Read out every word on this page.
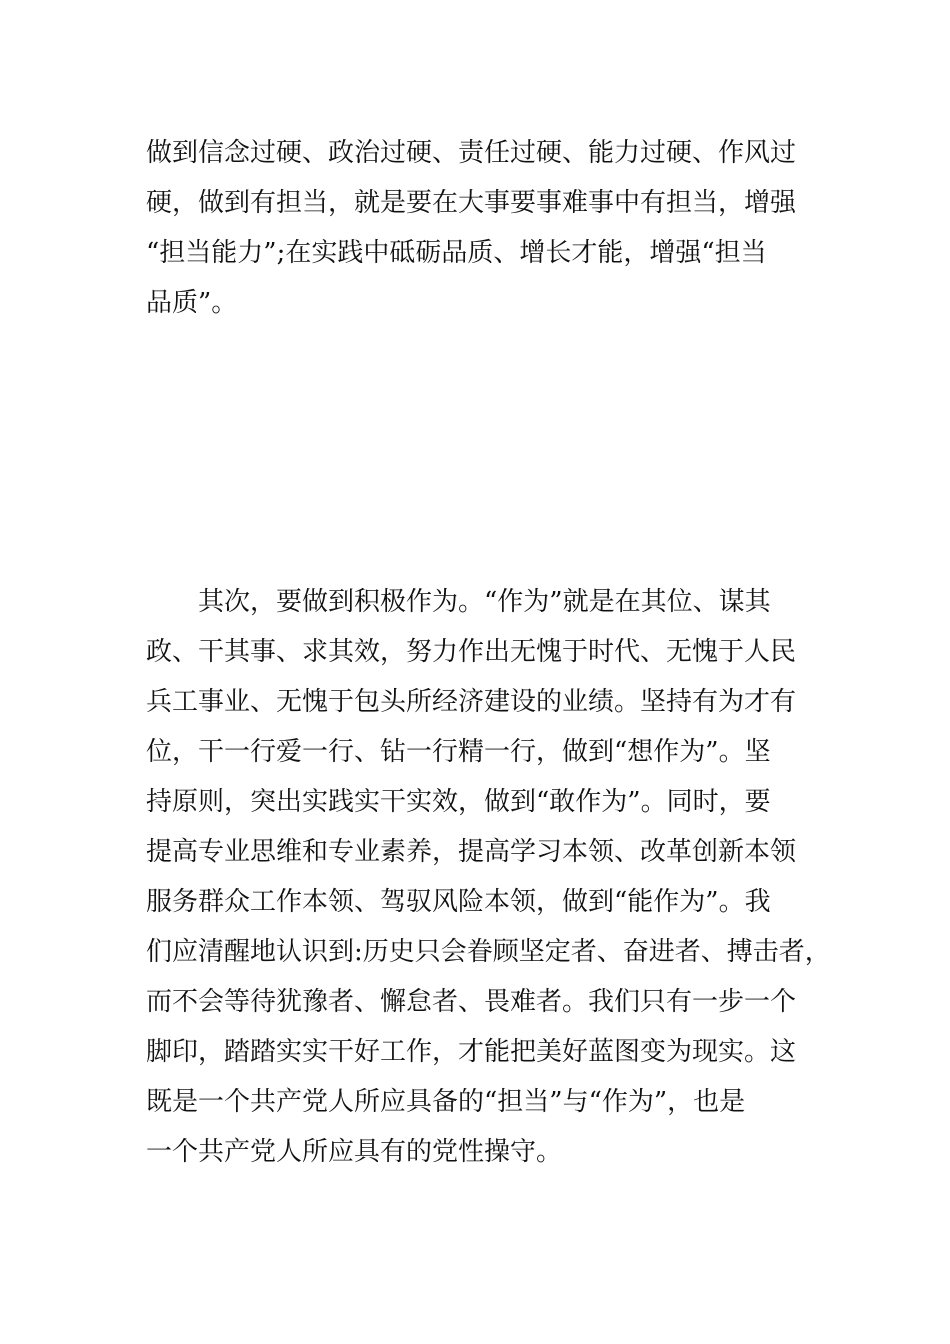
做到信念过硬、政治过硬、责任过硬、能力过硬、作风过
硬，做到有担当，就是要在大事要事难事中有担当，增强
“担当能力”;在实践中砥砺品质、增长才能，增强“担当
品质”。
其次，要做到积极作为。“作为”就是在其位、谋其
政、干其事、求其效，努力作出无愧于时代、无愧于人民
兵工事业、无愧于包头所经济建设的业绩。坚持有为才有
位，干一行爱一行、钻一行精一行，做到“想作为”。坚
持原则，突出实践实干实效，做到“敢作为”。同时，要
提高专业思维和专业素养，提高学习本领、改革创新本领
服务群众工作本领、驾驭风险本领，做到“能作为”。我
们应清醒地认识到:历史只会眷顾坚定者、奋进者、搏击者，
而不会等待犹豫者、懈怠者、畏难者。我们只有一步一个
脚印，踏踏实实干好工作，才能把美好蓝图变为现实。这
既是一个共产党人所应具备的“担当”与“作为”，也是
一个共产党人所应具有的党性操守。
